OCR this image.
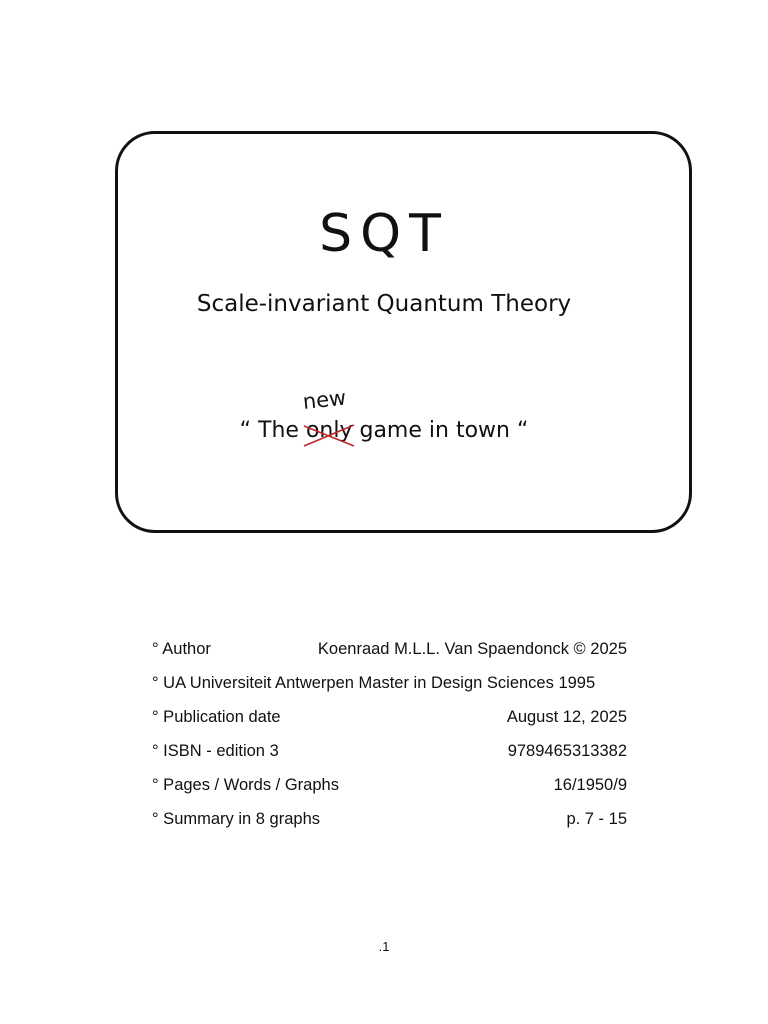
SQT
Scale-invariant Quantum Theory
“ The
new
only game in town “
° Author	Koenraad M.L.L. Van Spaendonck © 2025
° UA Universiteit Antwerpen Master in Design Sciences 1995
° Publication date	August 12, 2025
° ISBN - edition 3	9789465313382
° Pages / Words / Graphs	16/1950/9
° Summary in 8 graphs	p. 7 - 15
.1
